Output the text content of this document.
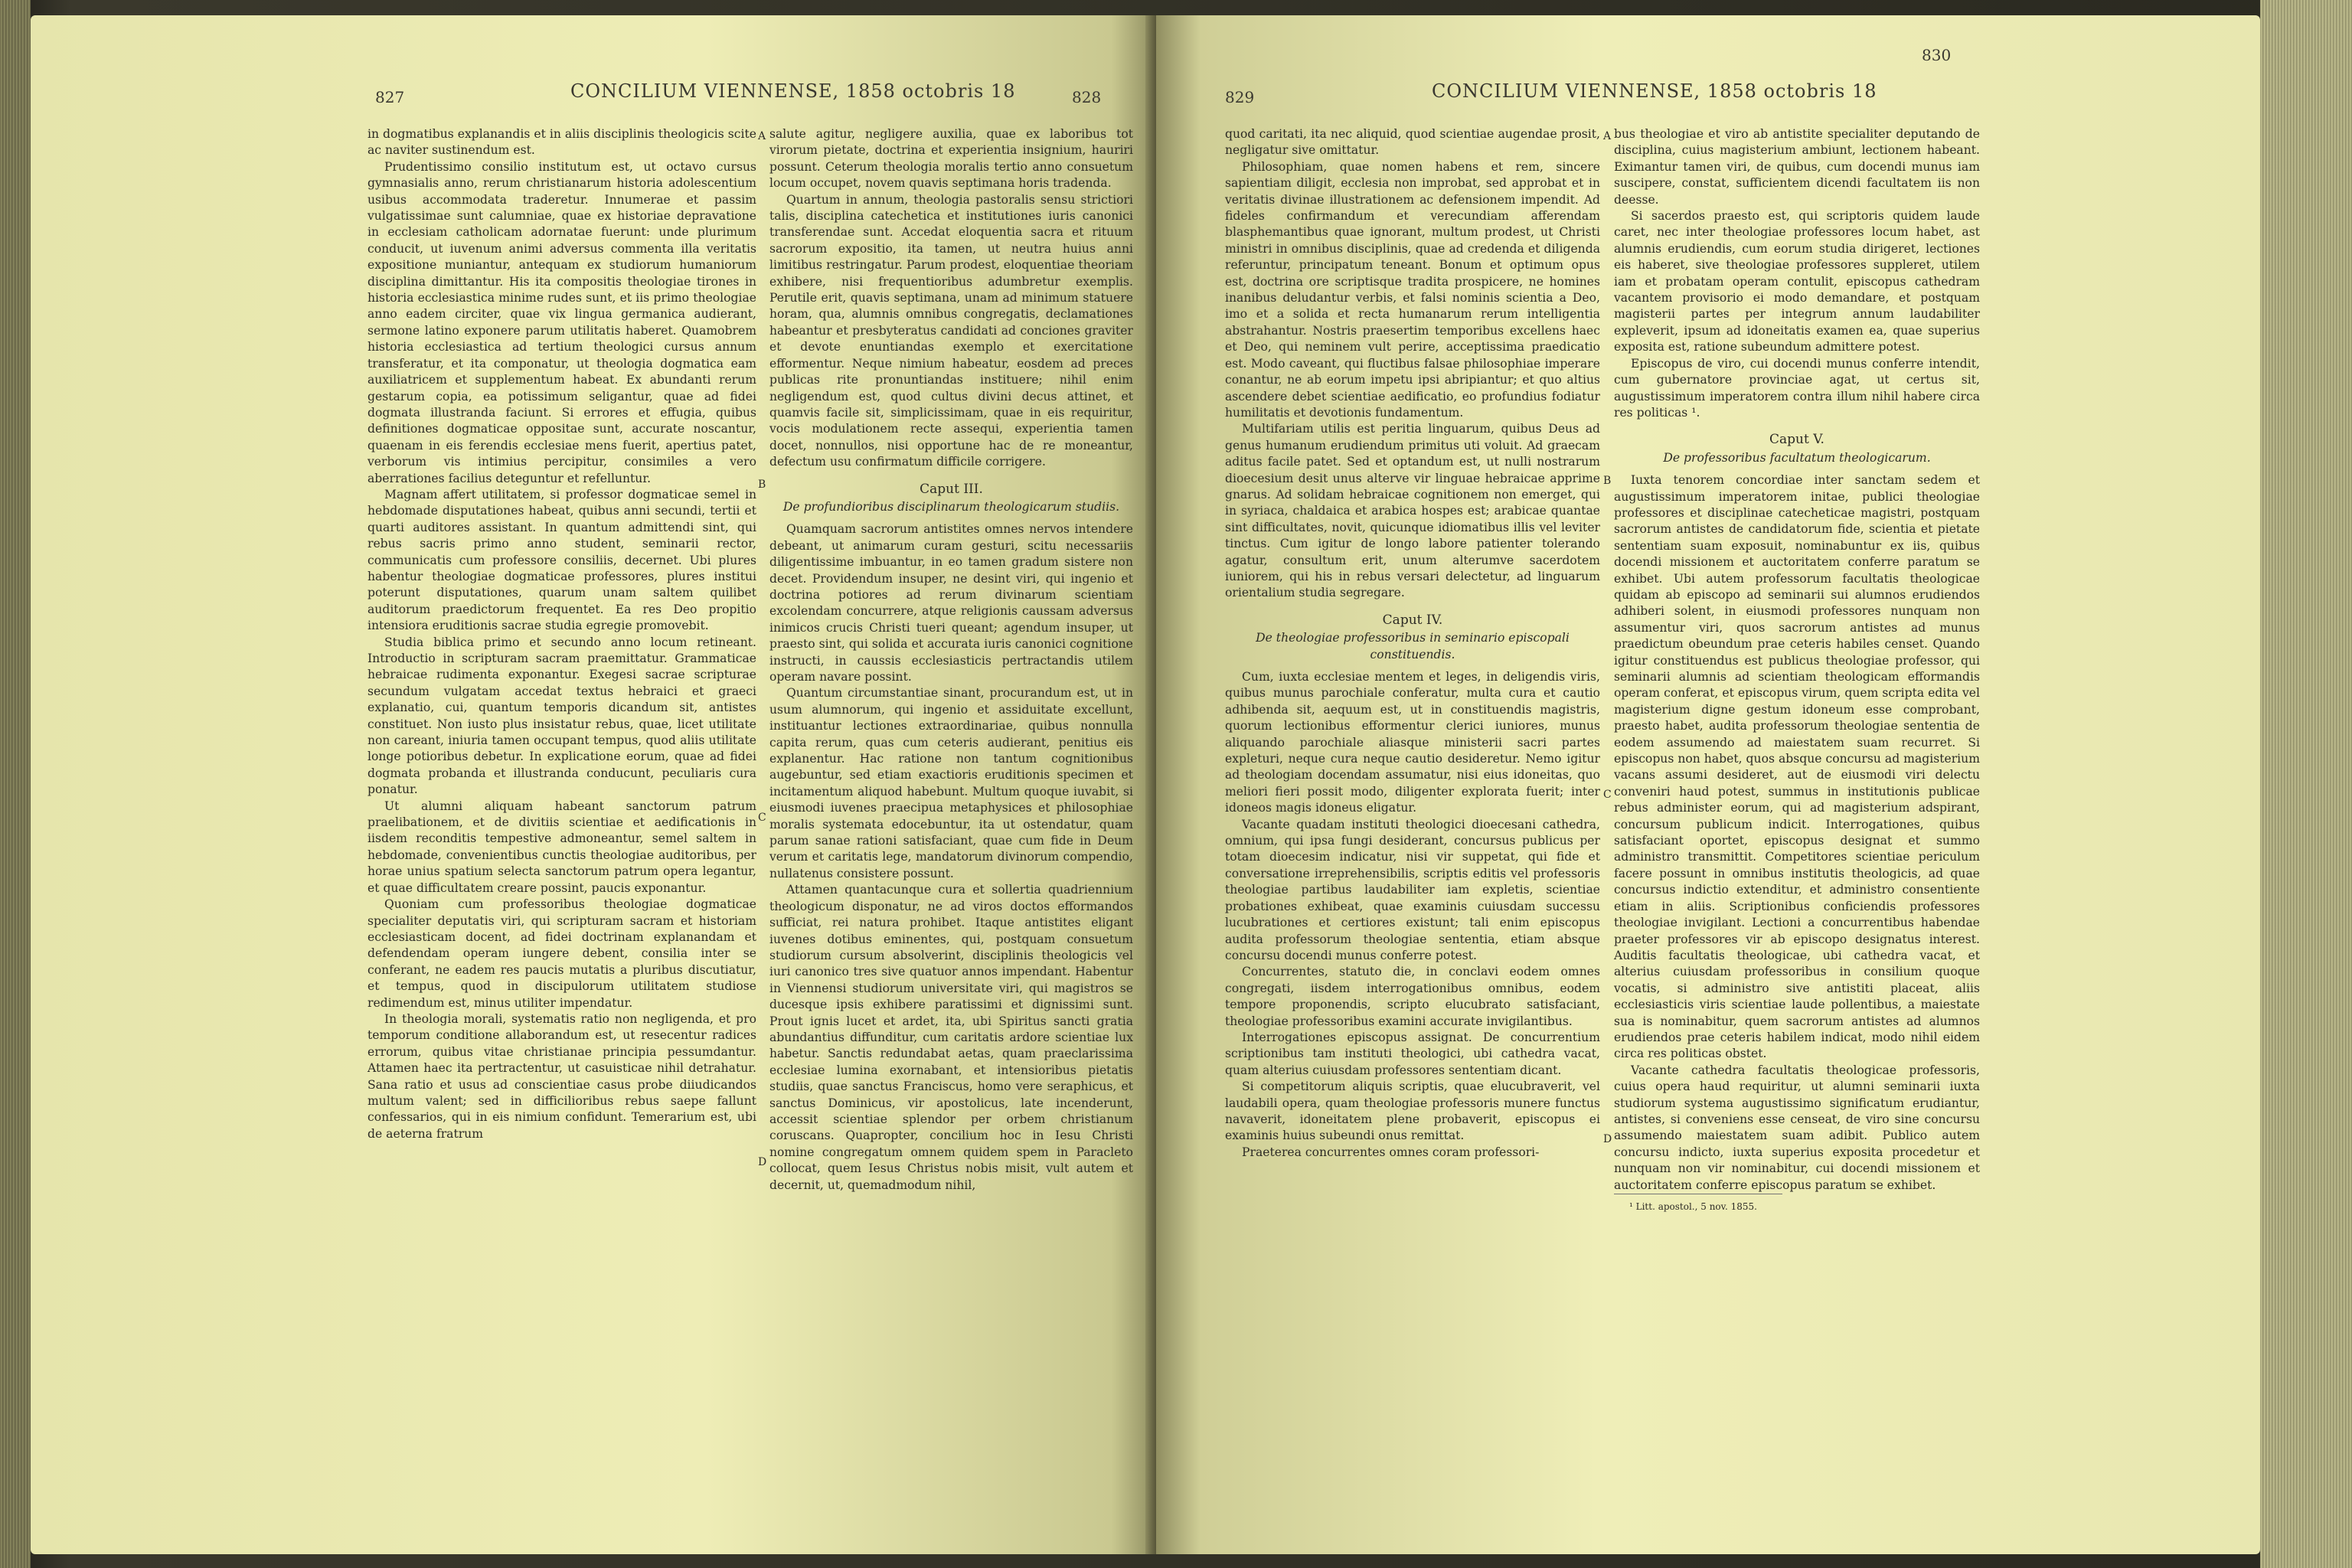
827	CONCILIUM VIENNENSE, 1858 octobris 18	828

in dogmatibus explanandis et in aliis disciplinis theologicis scite ac naviter sustinendum est.

Prudentissimo consilio institutum est, ut octavo cursus gymnasialis anno, rerum christianarum historia adolescentium usibus accommodata traderetur. Innumerae et passim vulgatissimae sunt calumniae, quae ex historiae depravatione in ecclesiam catholicam adornatae fuerunt: unde plurimum conducit, ut iuvenum animi adversus commenta illa veritatis expositione muniantur, antequam ex studiorum humaniorum disciplina dimittantur. His ita compositis theologiae tirones in historia ecclesiastica minime rudes sunt, et iis primo theologiae anno eadem circiter, quae vix lingua germanica audierant, sermone latino exponere parum utilitatis haberet. Quamobrem historia ecclesiastica ad tertium theologici cursus annum transferatur, et ita componatur, ut theologia dogmatica eam auxiliatricem et supplementum habeat. Ex abundanti rerum gestarum copia, ea potissimum seligantur, quae ad fidei dogmata illustranda faciunt. Si errores et effugia, quibus definitiones dogmaticae oppositae sunt, accurate noscantur, quaenam in eis ferendis ecclesiae mens fuerit, apertius patet, verborum vis intimius percipitur, consimiles a vero aberrationes facilius deteguntur et refelluntur.

Magnam affert utilitatem, si professor dogmaticae semel in hebdomade disputationes habeat, quibus anni secundi, tertii et quarti auditores assistant. In quantum admittendi sint, qui rebus sacris primo anno student, seminarii rector, communicatis cum professore consiliis, decernet. Ubi plures habentur theologiae dogmaticae professores, plures institui poterunt disputationes, quarum unam saltem quilibet auditorum praedictorum frequentet. Ea res Deo propitio intensiora eruditionis sacrae studia egregie promovebit.

Studia biblica primo et secundo anno locum retineant. Introductio in scripturam sacram praemittatur. Grammaticae hebraicae rudimenta exponantur. Exegesi sacrae scripturae secundum vulgatam accedat textus hebraici et graeci explanatio, cui, quantum temporis dicandum sit, antistes constituet. Non iusto plus insistatur rebus, quae, licet utilitate non careant, iniuria tamen occupant tempus, quod aliis utilitate longe potioribus debetur. In explicatione eorum, quae ad fidei dogmata probanda et illustranda conducunt, peculiaris cura ponatur.

Ut alumni aliquam habeant sanctorum patrum praelibationem, et de divitiis scientiae et aedificationis in iisdem reconditis tempestive admoneantur, semel saltem in hebdomade, convenientibus cunctis theologiae auditoribus, per horae unius spatium selecta sanctorum patrum opera legantur, et quae difficultatem creare possint, paucis exponantur.

Quoniam cum professoribus theologiae dogmaticae specialiter deputatis viri, qui scripturam sacram et historiam ecclesiasticam docent, ad fidei doctrinam explanandam et defendendam operam iungere debent, consilia inter se conferant, ne eadem res paucis mutatis a pluribus discutiatur, et tempus, quod in discipulorum utilitatem studiose redimendum est, minus utiliter impendatur.

In theologia morali, systematis ratio non negligenda, et pro temporum conditione allaborandum est, ut resecentur radices errorum, quibus vitae christianae principia pessumdantur. Attamen haec ita pertractentur, ut casuisticae nihil detrahatur. Sana ratio et usus ad conscientiae casus probe diiudicandos multum valent; sed in difficilioribus rebus saepe fallunt confessarios, qui in eis nimium confidunt. Temerarium est, ubi de aeterna fratrum

salute agitur, negligere auxilia, quae ex laboribus tot virorum pietate, doctrina et experientia insignium, hauriri possunt. Ceterum theologia moralis tertio anno consuetum locum occupet, novem quavis septimana horis tradenda.

Quartum in annum, theologia pastoralis sensu strictiori talis, disciplina catechetica et institutiones iuris canonici transferendae sunt. Accedat eloquentia sacra et rituum sacrorum expositio, ita tamen, ut neutra huius anni limitibus restringatur. Parum prodest, eloquentiae theoriam exhibere, nisi frequentioribus adumbretur exemplis. Perutile erit, quavis septimana, unam ad minimum statuere horam, qua, alumnis omnibus congregatis, declamationes habeantur et presbyteratus candidati ad conciones graviter et devote enuntiandas exemplo et exercitatione efformentur. Neque nimium habeatur, eosdem ad preces publicas rite pronuntiandas instituere; nihil enim negligendum est, quod cultus divini decus attinet, et quamvis facile sit, simplicissimam, quae in eis requiritur, vocis modulationem recte assequi, experientia tamen docet, nonnullos, nisi opportune hac de re moneantur, defectum usu confirmatum difficile corrigere.

Caput III.
De profundioribus disciplinarum theologicarum studiis.

Quamquam sacrorum antistites omnes nervos intendere debeant, ut animarum curam gesturi, scitu necessariis diligentissime imbuantur, in eo tamen gradum sistere non decet. Providendum insuper, ne desint viri, qui ingenio et doctrina potiores ad rerum divinarum scientiam excolendam concurrere, atque religionis caussam adversus inimicos crucis Christi tueri queant; agendum insuper, ut praesto sint, qui solida et accurata iuris canonici cognitione instructi, in caussis ecclesiasticis pertractandis utilem operam navare possint.

Quantum circumstantiae sinant, procurandum est, ut in usum alumnorum, qui ingenio et assiduitate excellunt, instituantur lectiones extraordinariae, quibus nonnulla capita rerum, quas cum ceteris audierant, penitius eis explanentur. Hac ratione non tantum cognitionibus augebuntur, sed etiam exactioris eruditionis specimen et incitamentum aliquod habebunt. Multum quoque iuvabit, si eiusmodi iuvenes praecipua metaphysices et philosophiae moralis systemata edocebuntur, ita ut ostendatur, quam parum sanae rationi satisfaciant, quae cum fide in Deum verum et caritatis lege, mandatorum divinorum compendio, nullatenus consistere possunt.

Attamen quantacunque cura et sollertia quadriennium theologicum disponatur, ne ad viros doctos efformandos sufficiat, rei natura prohibet. Itaque antistites eligant iuvenes dotibus eminentes, qui, postquam consuetum studiorum cursum absolverint, disciplinis theologicis vel iuri canonico tres sive quatuor annos impendant. Habentur in Viennensi studiorum universitate viri, qui magistros se ducesque ipsis exhibere paratissimi et dignissimi sunt. Prout ignis lucet et ardet, ita, ubi Spiritus sancti gratia abundantius diffunditur, cum caritatis ardore scientiae lux habetur. Sanctis redundabat aetas, quam praeclarissima ecclesiae lumina exornabant, et intensioribus pietatis studiis, quae sanctus Franciscus, homo vere seraphicus, et sanctus Dominicus, vir apostolicus, late incenderunt, accessit scientiae splendor per orbem christianum coruscans. Quapropter, concilium hoc in Iesu Christi nomine congregatum omnem quidem spem in Paracleto collocat, quem Iesus Christus nobis misit, vult autem et decernit, ut, quemadmodum nihil,

A
B
C
D
829	CONCILIUM VIENNENSE, 1858 octobris 18
830

quod caritati, ita nec aliquid, quod scientiae augendae prosit, negligatur sive omittatur.

Philosophiam, quae nomen habens et rem, sincere sapientiam diligit, ecclesia non improbat, sed approbat et in veritatis divinae illustrationem ac defensionem impendit. Ad fideles confirmandum et verecundiam afferendam blasphemantibus quae ignorant, multum prodest, ut Christi ministri in omnibus disciplinis, quae ad credenda et diligenda referuntur, principatum teneant. Bonum et optimum opus est, doctrina ore scriptisque tradita prospicere, ne homines inanibus deludantur verbis, et falsi nominis scientia a Deo, imo et a solida et recta humanarum rerum intelligentia abstrahantur. Nostris praesertim temporibus excellens haec et Deo, qui neminem vult perire, acceptissima praedicatio est. Modo caveant, qui fluctibus falsae philosophiae imperare conantur, ne ab eorum impetu ipsi abripiantur; et quo altius ascendere debet scientiae aedificatio, eo profundius fodiatur humilitatis et devotionis fundamentum.

Multifariam utilis est peritia linguarum, quibus Deus ad genus humanum erudiendum primitus uti voluit. Ad graecam aditus facile patet. Sed et optandum est, ut nulli nostrarum dioecesium desit unus alterve vir linguae hebraicae apprime gnarus. Ad solidam hebraicae cognitionem non emerget, qui in syriaca, chaldaica et arabica hospes est; arabicae quantae sint difficultates, novit, quicunque idiomatibus illis vel leviter tinctus. Cum igitur de longo labore patienter tolerando agatur, consultum erit, unum alterumve sacerdotem iuniorem, qui his in rebus versari delectetur, ad linguarum orientalium studia segregare.

Caput IV.
De theologiae professoribus in seminario episcopali constituendis.

Cum, iuxta ecclesiae mentem et leges, in deligendis viris, quibus munus parochiale conferatur, multa cura et cautio adhibenda sit, aequum est, ut in constituendis magistris, quorum lectionibus efformentur clerici iuniores, munus aliquando parochiale aliasque ministerii sacri partes expleturi, neque cura neque cautio desideretur. Nemo igitur ad theologiam docendam assumatur, nisi eius idoneitas, quo meliori fieri possit modo, diligenter explorata fuerit; inter idoneos magis idoneus eligatur.

Vacante quadam instituti theologici dioecesani cathedra, omnium, qui ipsa fungi desiderant, concursus publicus per totam dioecesim indicatur, nisi vir suppetat, qui fide et conversatione irreprehensibilis, scriptis editis vel professoris theologiae partibus laudabiliter iam expletis, scientiae probationes exhibeat, quae examinis cuiusdam successu lucubrationes et certiores existunt; tali enim episcopus audita professorum theologiae sententia, etiam absque concursu docendi munus conferre potest.

Concurrentes, statuto die, in conclavi eodem omnes congregati, iisdem interrogationibus omnibus, eodem tempore proponendis, scripto elucubrato satisfaciant, theologiae professoribus examini accurate invigilantibus.

Interrogationes episcopus assignat. De concurrentium scriptionibus tam instituti theologici, ubi cathedra vacat, quam alterius cuiusdam professores sententiam dicant.

Si competitorum aliquis scriptis, quae elucubraverit, vel laudabili opera, quam theologiae professoris munere functus navaverit, idoneitatem plene probaverit, episcopus ei examinis huius subeundi onus remittat.

Praeterea concurrentes omnes coram professori-

bus theologiae et viro ab antistite specialiter deputando de disciplina, cuius magisterium ambiunt, lectionem habeant. Eximantur tamen viri, de quibus, cum docendi munus iam suscipere, constat, sufficientem dicendi facultatem iis non deesse.

Si sacerdos praesto est, qui scriptoris quidem laude caret, nec inter theologiae professores locum habet, ast alumnis erudiendis, cum eorum studia dirigeret, lectiones eis haberet, sive theologiae professores suppleret, utilem iam et probatam operam contulit, episcopus cathedram vacantem provisorio ei modo demandare, et postquam magisterii partes per integrum annum laudabiliter expleverit, ipsum ad idoneitatis examen ea, quae superius exposita est, ratione subeundum admittere potest.

Episcopus de viro, cui docendi munus conferre intendit, cum gubernatore provinciae agat, ut certus sit, augustissimum imperatorem contra illum nihil habere circa res politicas ¹.

Caput V.
De professoribus facultatum theologicarum.

Iuxta tenorem concordiae inter sanctam sedem et augustissimum imperatorem initae, publici theologiae professores et disciplinae catecheticae magistri, postquam sacrorum antistes de candidatorum fide, scientia et pietate sententiam suam exposuit, nominabuntur ex iis, quibus docendi missionem et auctoritatem conferre paratum se exhibet. Ubi autem professorum facultatis theologicae quidam ab episcopo ad seminarii sui alumnos erudiendos adhiberi solent, in eiusmodi professores nunquam non assumentur viri, quos sacrorum antistes ad munus praedictum obeundum prae ceteris habiles censet. Quando igitur constituendus est publicus theologiae professor, qui seminarii alumnis ad scientiam theologicam efformandis operam conferat, et episcopus virum, quem scripta edita vel magisterium digne gestum idoneum esse comprobant, praesto habet, audita professorum theologiae sententia de eodem assumendo ad maiestatem suam recurret. Si episcopus non habet, quos absque concursu ad magisterium vacans assumi desideret, aut de eiusmodi viri delectu conveniri haud potest, summus in institutionis publicae rebus administer eorum, qui ad magisterium adspirant, concursum publicum indicit. Interrogationes, quibus satisfaciant oportet, episcopus designat et summo administro transmittit. Competitores scientiae periculum facere possunt in omnibus institutis theologicis, ad quae concursus indictio extenditur, et administro consentiente etiam in aliis. Scriptionibus conficiendis professores theologiae invigilant. Lectioni a concurrentibus habendae praeter professores vir ab episcopo designatus interest. Auditis facultatis theologicae, ubi cathedra vacat, et alterius cuiusdam professoribus in consilium quoque vocatis, si administro sive antistiti placeat, aliis ecclesiasticis viris scientiae laude pollentibus, a maiestate sua is nominabitur, quem sacrorum antistes ad alumnos erudiendos prae ceteris habilem indicat, modo nihil eidem circa res politicas obstet.

Vacante cathedra facultatis theologicae professoris, cuius opera haud requiritur, ut alumni seminarii iuxta studiorum systema augustissimo significatum erudiantur, antistes, si conveniens esse censeat, de viro sine concursu assumendo maiestatem suam adibit. Publico autem concursu indicto, iuxta superius exposita procedetur et nunquam non vir nominabitur, cui docendi missionem et auctoritatem conferre episcopus paratum se exhibet.

¹ Litt. apostol., 5 nov. 1855.

A
B
C
D
